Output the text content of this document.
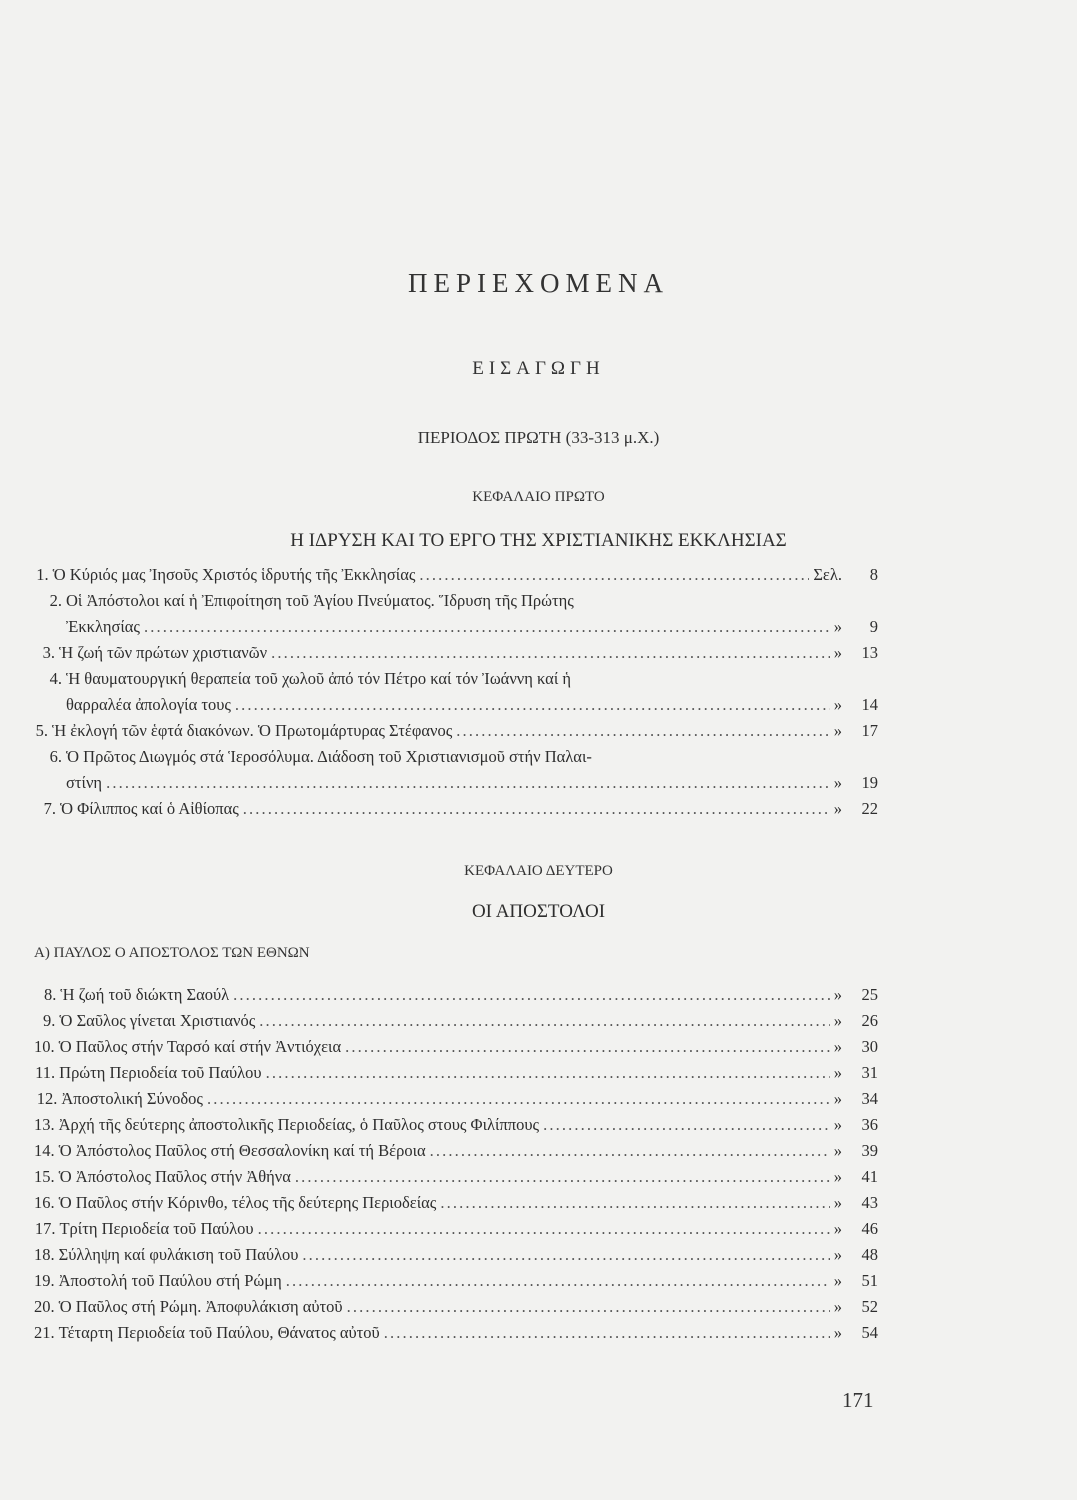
ΠΕΡΙΕΧΟΜΕΝΑ
ΕΙΣΑΓΩΓΗ
ΠΕΡΙΟΔΟΣ ΠΡΩΤΗ (33-313 μ.Χ.)
ΚΕΦΑΛΑΙΟ ΠΡΩΤΟ
Η ΙΔΡΥΣΗ ΚΑΙ ΤΟ ΕΡΓΟ ΤΗΣ ΧΡΙΣΤΙΑΝΙΚΗΣ ΕΚΚΛΗΣΙΑΣ
1. Ὁ Κύριός μας Ἰησοῦς Χριστός ἱδρυτής τῆς Ἐκκλησίας . . .	Σελ.	8
2. Οἱ Ἀπόστολοι καί ἡ Ἐπιφοίτηση τοῦ Ἁγίου Πνεύματος. Ἵδρυση τῆς Πρώτης
Ἐκκλησίας . . .	»	9
3. Ἡ ζωή τῶν πρώτων χριστιανῶν . . .	»	13
4. Ἡ θαυματουργική θεραπεία τοῦ χωλοῦ ἀπό τόν Πέτρο καί τόν Ἰωάννη καί ἡ
θαρραλέα ἀπολογία τους . . .	»	14
5. Ἡ ἐκλογή τῶν ἑφτά διακόνων. Ὁ Πρωτομάρτυρας Στέφανος . . .	»	17
6. Ὁ Πρῶτος Διωγμός στά Ἱεροσόλυμα. Διάδοση τοῦ Χριστιανισμοῦ στήν Παλαι-
στίνη . . .	»	19
7. Ὁ Φίλιππος καί ὁ Αἰθίοπας . . .	»	22
ΚΕΦΑΛΑΙΟ ΔΕΥΤΕΡΟ
ΟΙ ΑΠΟΣΤΟΛΟΙ
Α) ΠΑΥΛΟΣ Ο ΑΠΟΣΤΟΛΟΣ ΤΩΝ ΕΘΝΩΝ
8. Ἡ ζωή τοῦ διώκτη Σαούλ . . .	»	25
9. Ὁ Σαῦλος γίνεται Χριστιανός . . .	»	26
10. Ὁ Παῦλος στήν Ταρσό καί στήν Ἀντιόχεια . . .	»	30
11. Πρώτη Περιοδεία τοῦ Παύλου . . .	»	31
12. Ἀποστολική Σύνοδος . . .	»	34
13. Ἀρχή τῆς δεύτερης ἀποστολικῆς Περιοδείας, ὁ Παῦλος στους Φιλίππους . . .	»	36
14. Ὁ Ἀπόστολος Παῦλος στή Θεσσαλονίκη καί τή Βέροια . . .	»	39
15. Ὁ Ἀπόστολος Παῦλος στήν Ἀθήνα . . .	»	41
16. Ὁ Παῦλος στήν Κόρινθο, τέλος τῆς δεύτερης Περιοδείας . . .	»	43
17. Τρίτη Περιοδεία τοῦ Παύλου . . .	»	46
18. Σύλληψη καί φυλάκιση τοῦ Παύλου . . .	»	48
19. Ἀποστολή τοῦ Παύλου στή Ρώμη . . .	»	51
20. Ὁ Παῦλος στή Ρώμη. Ἀποφυλάκιση αὐτοῦ . . .	»	52
21. Τέταρτη Περιοδεία τοῦ Παύλου, Θάνατος αὐτοῦ . . .	»	54
171
